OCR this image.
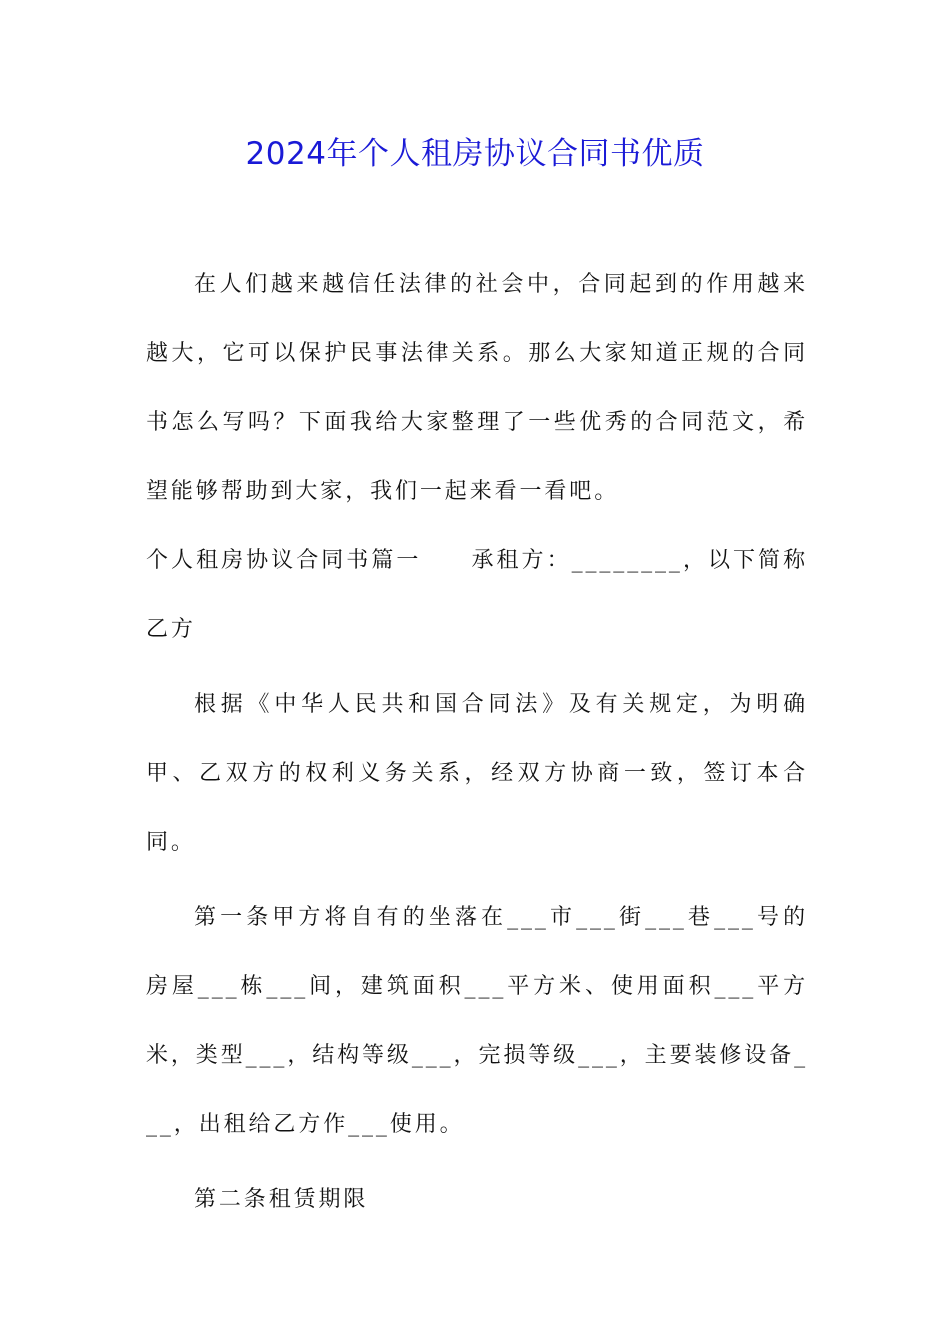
2024年个人租房协议合同书优质

在人们越来越信任法律的社会中，合同起到的作用越来越大，它可以保护民事法律关系。那么大家知道正规的合同书怎么写吗？下面我给大家整理了一些优秀的合同范文，希望能够帮助到大家，我们一起来看一看吧。

个人租房协议合同书篇一　　承租方：________，以下简称乙方

根据《中华人民共和国合同法》及有关规定，为明确甲、乙双方的权利义务关系，经双方协商一致，签订本合同。

第一条甲方将自有的坐落在___市___街___巷___号的房屋___栋___间，建筑面积___平方米、使用面积___平方米，类型___，结构等级___，完损等级___，主要装修设备___，出租给乙方作___使用。

第二条租赁期限
